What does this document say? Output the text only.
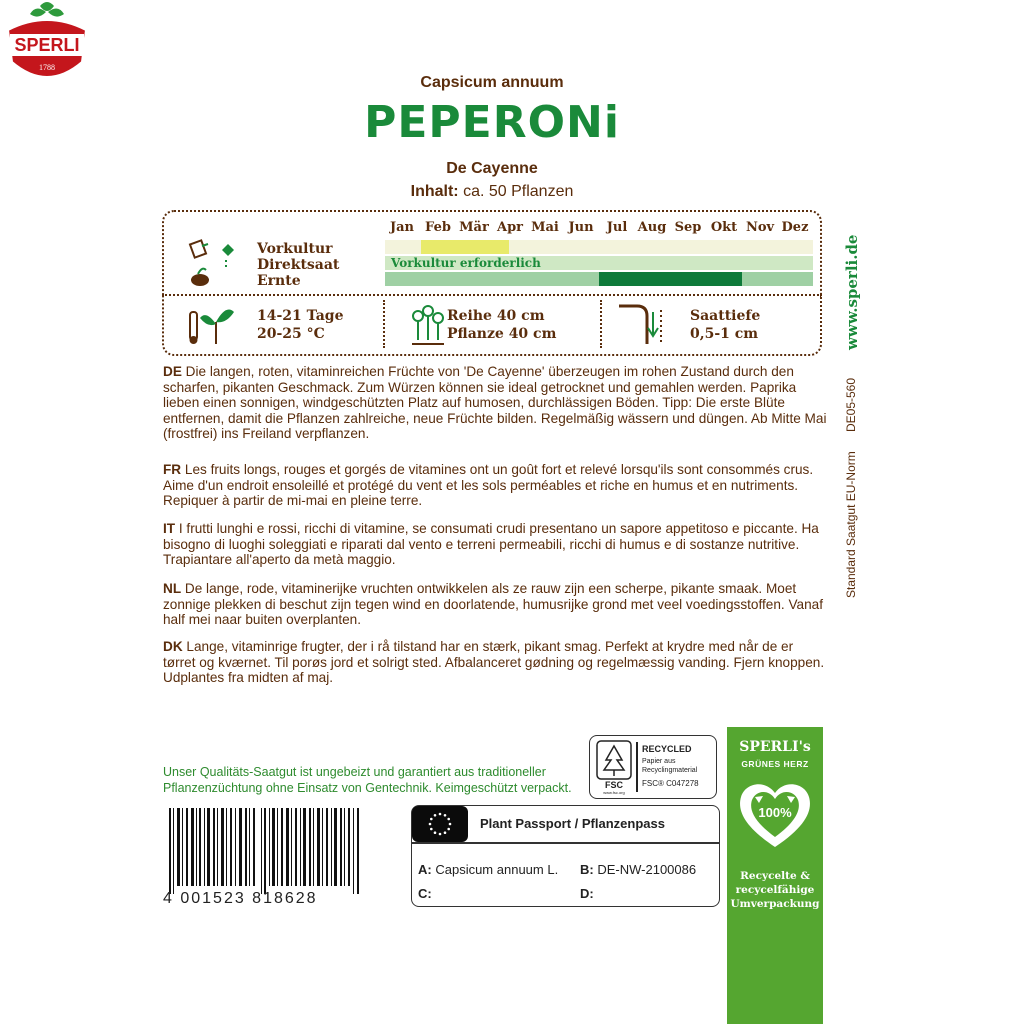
SPERLI
1788
Capsicum annuum
PEPERONi
De Cayenne
Inhalt: ca. 50 Pflanzen
Jan Feb Mär Apr Mai Jun	Jul Aug Sep Okt Nov Dez
Vorkultur
Direktsaat
Ernte
Vorkultur erforderlich
14-21 Tage
20-25 °C
Reihe 40 cm
Pflanze 40 cm
Saattiefe
0,5-1 cm	www.sperli.de
DE05-560
Standard Saatgut EU-Norm
DE Die langen, roten, vitaminreichen Früchte von 'De Cayenne' überzeugen im rohen Zustand durch den scharfen, pikanten Geschmack. Zum Würzen können sie ideal getrocknet und gemahlen werden. Paprika lieben einen sonnigen, windgeschützten Platz auf humosen, durchlässigen Böden. Tipp: Die erste Blüte entfernen, damit die Pflanzen zahlreiche, neue Früchte bilden. Regelmäßig wässern und düngen. Ab Mitte Mai (frostfrei) ins Freiland verpflanzen.
FR Les fruits longs, rouges et gorgés de vitamines ont un goût fort et relevé lorsqu'ils sont consommés crus. Aime d'un endroit ensoleillé et protégé du vent et les sols perméables et riche en humus et en nutriments. Repiquer à partir de mi-mai en pleine terre.
IT I frutti lunghi e rossi, ricchi di vitamine, se consumati crudi presentano un sapore appetitoso e piccante. Ha bisogno di luoghi soleggiati e riparati dal vento e terreni permeabili, ricchi di humus e di sostanze nutritive. Trapiantare all'aperto da metà maggio.
NL De lange, rode, vitaminerijke vruchten ontwikkelen als ze rauw zijn een scherpe, pikante smaak. Moet zonnige plekken di beschut zijn tegen wind en doorlatende, humusrijke grond met veel voedingsstoffen. Vanaf half mei naar buiten overplanten.
DK Lange, vitaminrige frugter, der i rå tilstand har en stærk, pikant smag. Perfekt at krydre med når de er tørret og kværnet. Til porøs jord et solrigt sted. Afbalanceret gødning og regelmæssig vanding. Fjern knoppen. Udplantes fra midten af maj.
Unser Qualitäts-Saatgut ist ungebeizt und garantiert aus traditioneller
Pflanzenzüchtung ohne Einsatz von Gentechnik. Keimgeschützt verpackt.
4 001523 818628
FSC
www.fsc.org
RECYCLED
Papier aus
Recyclingmaterial
FSC® C047278
Plant Passport / Pflanzenpass
A: Capsicum annuum L. B: DE-NW-2100086
C:	D:
SPERLI's
GRÜNES HERZ
100%
Recycelte &
recycelfähige
Umverpackung
